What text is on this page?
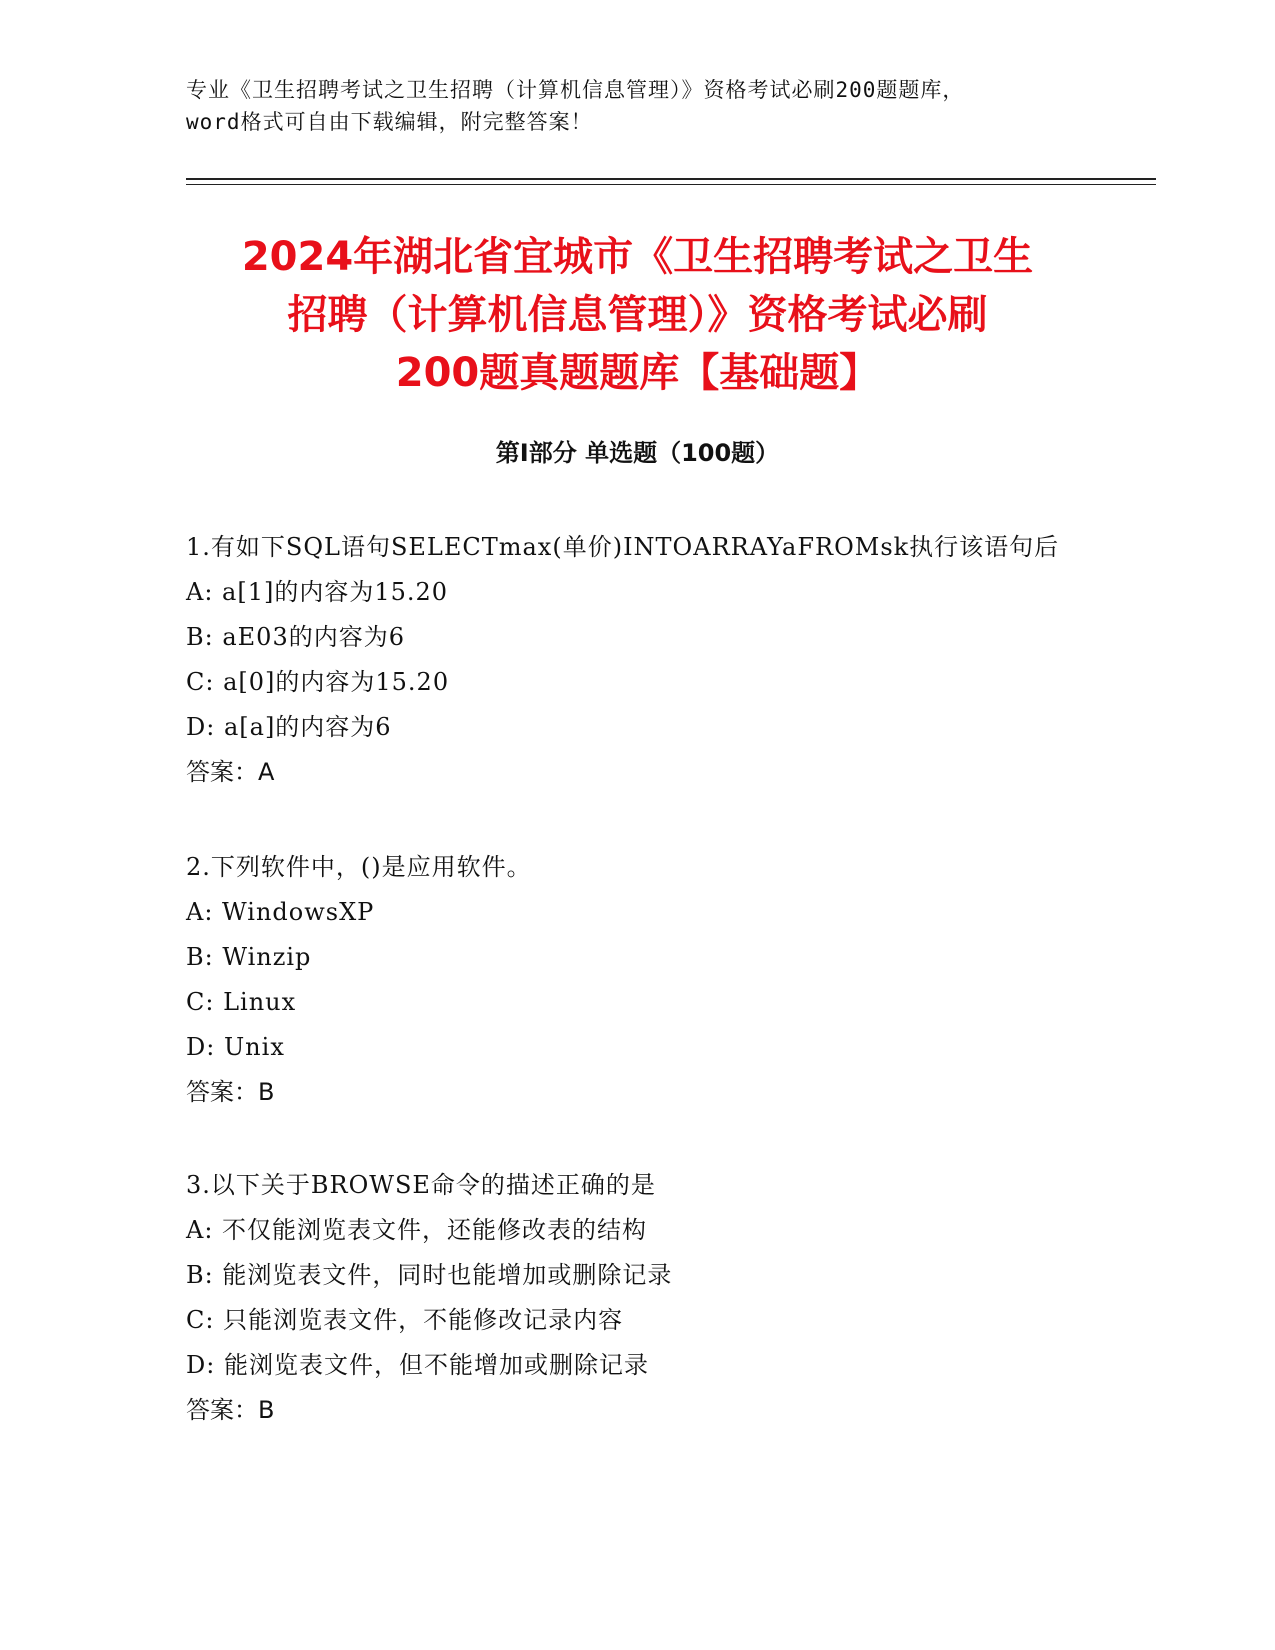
专业《卫生招聘考试之卫生招聘（计算机信息管理）》资格考试必刷200题题库，
word格式可自由下载编辑，附完整答案！
2024年湖北省宜城市《卫生招聘考试之卫生
招聘（计算机信息管理）》资格考试必刷
200题真题题库【基础题】
第I部分 单选题（100题）
1.有如下SQL语句SELECTmax(单价)INTOARRAYaFROMsk执行该语句后
A: a[1]的内容为15.20
B: aE03的内容为6
C: a[0]的内容为15.20
D: a[a]的内容为6
答案：A
2.下列软件中，()是应用软件。
A: WindowsXP
B: Winzip
C: Linux
D: Unix
答案：B
3.以下关于BROWSE命令的描述正确的是
A: 不仅能浏览表文件，还能修改表的结构
B: 能浏览表文件，同时也能增加或删除记录
C: 只能浏览表文件，不能修改记录内容
D: 能浏览表文件，但不能增加或删除记录
答案：B
